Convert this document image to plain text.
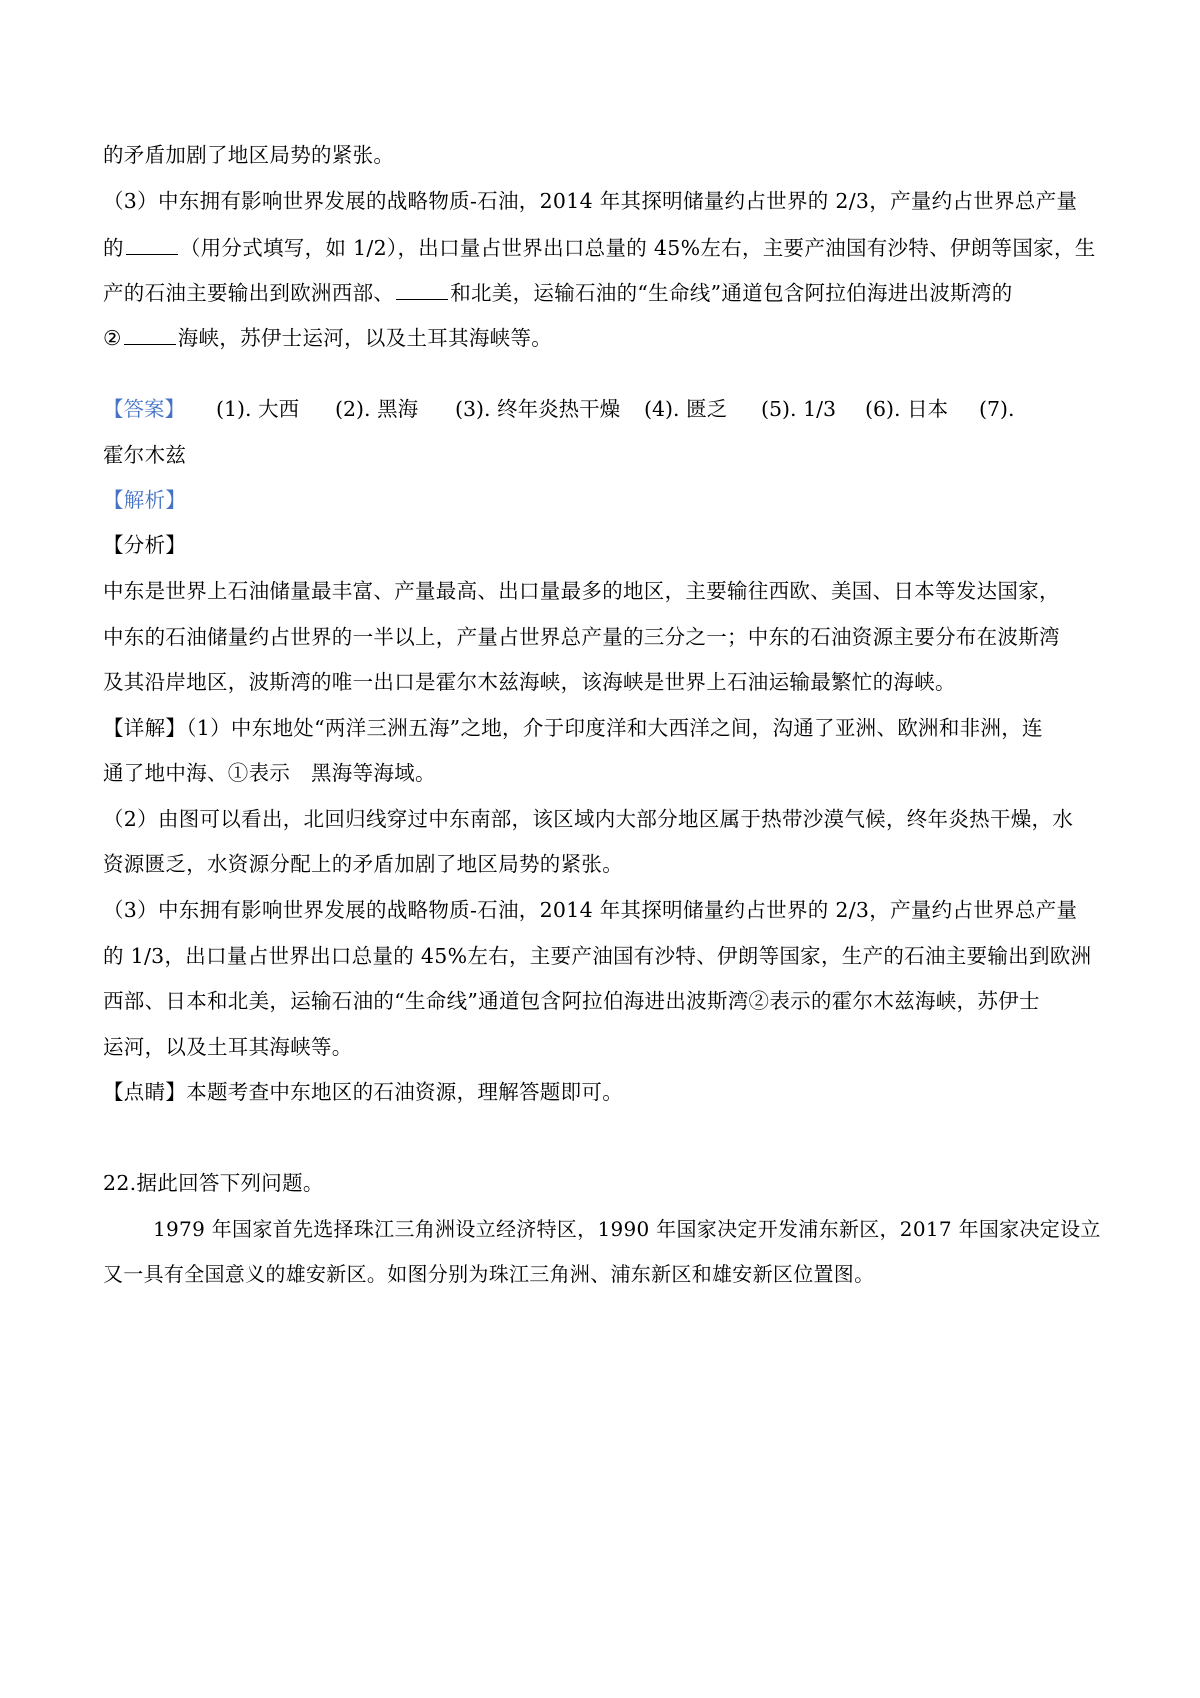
的矛盾加剧了地区局势的紧张。
（3）中东拥有影响世界发展的战略物质-石油，2014 年其探明储量约占世界的 2/3，产量约占世界总产量
的	（用分式填写，如 1/2），出口量占世界出口总量的 45%左右，主要产油国有沙特、伊朗等国家，生
产的石油主要输出到欧洲西部、	和北美，运输石油的“生命线”通道包含阿拉伯海进出波斯湾的
②	海峡，苏伊士运河，以及土耳其海峡等。
【答案】 (1). 大西 (2). 黑海 (3). 终年炎热干燥 (4). 匮乏 (5). 1/3 (6). 日本 (7).
霍尔木兹
【解析】
【分析】
中东是世界上石油储量最丰富、产量最高、出口量最多的地区，主要输往西欧、美国、日本等发达国家，
中东的石油储量约占世界的一半以上，产量占世界总产量的三分之一；中东的石油资源主要分布在波斯湾
及其沿岸地区，波斯湾的唯一出口是霍尔木兹海峡，该海峡是世界上石油运输最繁忙的海峡。
【详解】（1）中东地处“两洋三洲五海”之地，介于印度洋和大西洋之间，沟通了亚洲、欧洲和非洲，连
通了地中海、①表示　黑海等海域。
（2）由图可以看出，北回归线穿过中东南部，该区域内大部分地区属于热带沙漠气候，终年炎热干燥，水
资源匮乏，水资源分配上的矛盾加剧了地区局势的紧张。
（3）中东拥有影响世界发展的战略物质-石油，2014 年其探明储量约占世界的 2/3，产量约占世界总产量
的 1/3，出口量占世界出口总量的 45%左右，主要产油国有沙特、伊朗等国家，生产的石油主要输出到欧洲
西部、日本和北美，运输石油的“生命线”通道包含阿拉伯海进出波斯湾②表示的霍尔木兹海峡，苏伊士
运河，以及土耳其海峡等。
【点睛】本题考查中东地区的石油资源，理解答题即可。
22.据此回答下列问题。
1979 年国家首先选择珠江三角洲设立经济特区，1990 年国家决定开发浦东新区，2017 年国家决定设立
又一具有全国意义的雄安新区。如图分别为珠江三角洲、浦东新区和雄安新区位置图。
